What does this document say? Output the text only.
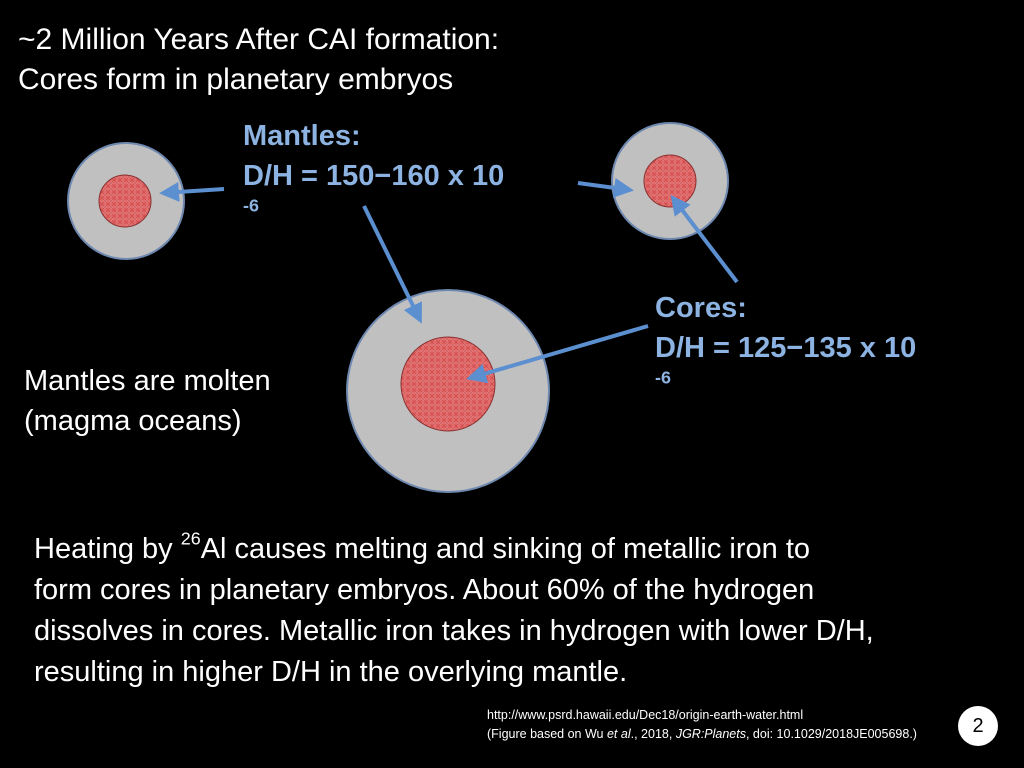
~2 Million Years After CAI formation:
Cores form in planetary embryos
Mantles:
D/H = 150−160 x 10
$^{-6}$
Cores:
D/H = 125−135 x 10
$^{-6}$
Mantles are molten
(magma oceans)

Heating by $^{26}$Al causes melting and sinking of metallic iron to form cores in planetary embryos. About 60% of the hydrogen dissolves in cores. Metallic iron takes in hydrogen with lower D/H, resulting in higher D/H in the overlying mantle.

http://www.psrd.hawaii.edu/Dec18/origin-earth-water.html
(Figure based on Wu et al., 2018, JGR:Planets, doi: 10.1029/2018JE005698.)	2
